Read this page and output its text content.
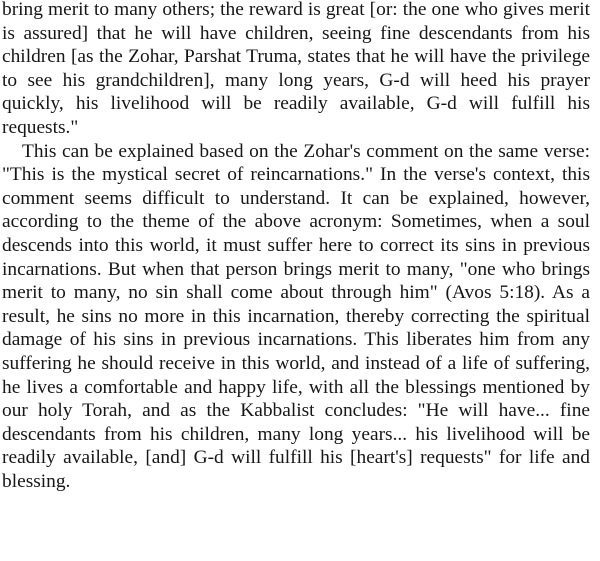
bring merit to many others; the reward is great [or: the one who gives merit is assured] that he will have children, seeing fine descendants from his children [as the Zohar, Parshat Truma, states that he will have the privilege to see his grandchildren], many long years, G-d will heed his prayer quickly, his livelihood will be readily available, G-d will fulfill his requests."

This can be explained based on the Zohar's comment on the same verse: "This is the mystical secret of reincarnations." In the verse's context, this comment seems difficult to understand. It can be explained, however, according to the theme of the above acronym: Sometimes, when a soul descends into this world, it must suffer here to correct its sins in previous incarnations. But when that person brings merit to many, "one who brings merit to many, no sin shall come about through him" (Avos 5:18). As a result, he sins no more in this incarnation, thereby correcting the spiritual damage of his sins in previous incarnations. This liberates him from any suffering he should receive in this world, and instead of a life of suffering, he lives a comfortable and happy life, with all the blessings mentioned by our holy Torah, and as the Kabbalist concludes: "He will have... fine descendants from his children, many long years... his livelihood will be readily available, [and] G-d will fulfill his [heart's] requests" for life and blessing.
